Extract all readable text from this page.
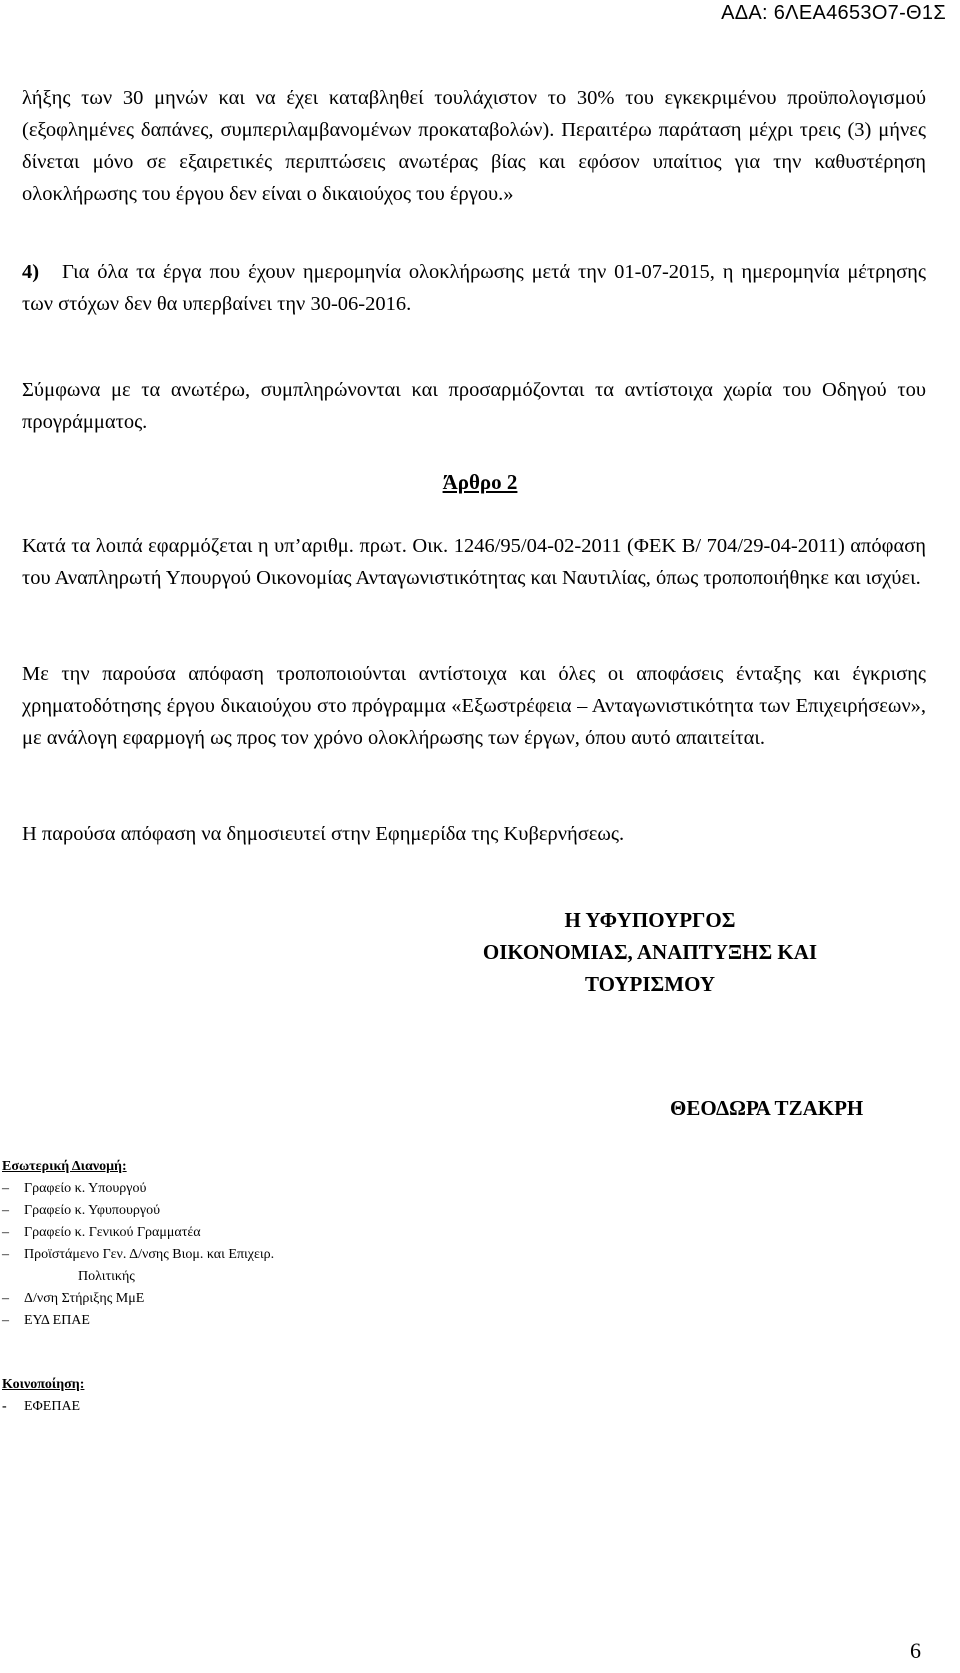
ΑΔΑ: 6ΛΕΑ4653Ο7-Θ1Σ

λήξης των 30 μηνών και να έχει καταβληθεί τουλάχιστον το 30% του εγκεκριμένου προϋπολογισμού (εξοφλημένες δαπάνες, συμπεριλαμβανομένων προκαταβολών). Περαιτέρω παράταση μέχρι τρεις (3) μήνες δίνεται μόνο σε εξαιρετικές περιπτώσεις ανωτέρας βίας και εφόσον υπαίτιος για την καθυστέρηση ολοκλήρωσης του έργου δεν είναι ο δικαιούχος του έργου.»

4) Για όλα τα έργα που έχουν ημερομηνία ολοκλήρωσης μετά την 01-07-2015, η ημερομηνία μέτρησης των στόχων δεν θα υπερβαίνει την 30-06-2016.

Σύμφωνα με τα ανωτέρω, συμπληρώνονται και προσαρμόζονται τα αντίστοιχα χωρία του Οδηγού του προγράμματος.

Άρθρο 2

Κατά τα λοιπά εφαρμόζεται η υπ’αριθμ. πρωτ. Οικ. 1246/95/04-02-2011 (ΦΕΚ Β/ 704/29-04-2011) απόφαση του Αναπληρωτή Υπουργού Οικονομίας Ανταγωνιστικότητας και Ναυτιλίας, όπως τροποποιήθηκε και ισχύει.

Με την παρούσα απόφαση τροποποιούνται αντίστοιχα και όλες οι αποφάσεις ένταξης και έγκρισης χρηματοδότησης έργου δικαιούχου στο πρόγραμμα «Εξωστρέφεια – Ανταγωνιστικότητα των Επιχειρήσεων», με ανάλογη εφαρμογή ως προς τον χρόνο ολοκλήρωσης των έργων, όπου αυτό απαιτείται.

Η παρούσα απόφαση να δημοσιευτεί στην Εφημερίδα της Κυβερνήσεως.

Η ΥΦΥΠΟΥΡΓΟΣ
ΟΙΚΟΝΟΜΙΑΣ, ΑΝΑΠΤΥΞΗΣ ΚΑΙ
ΤΟΥΡΙΣΜΟΥ
ΘΕΟΔΩΡΑ ΤΖΑΚΡΗ
Εσωτερική Διανομή:
–	Γραφείο κ. Υπουργού
–	Γραφείο κ. Υφυπουργού
–	Γραφείο κ. Γενικού Γραμματέα
–	Προϊστάμενο Γεν. Δ/νσης Βιομ. και Επιχειρ.
Πολιτικής
–	Δ/νση Στήριξης ΜμΕ
–	ΕΥΔ ΕΠΑΕ
Κοινοποίηση:
- ΕΦΕΠΑΕ
6
